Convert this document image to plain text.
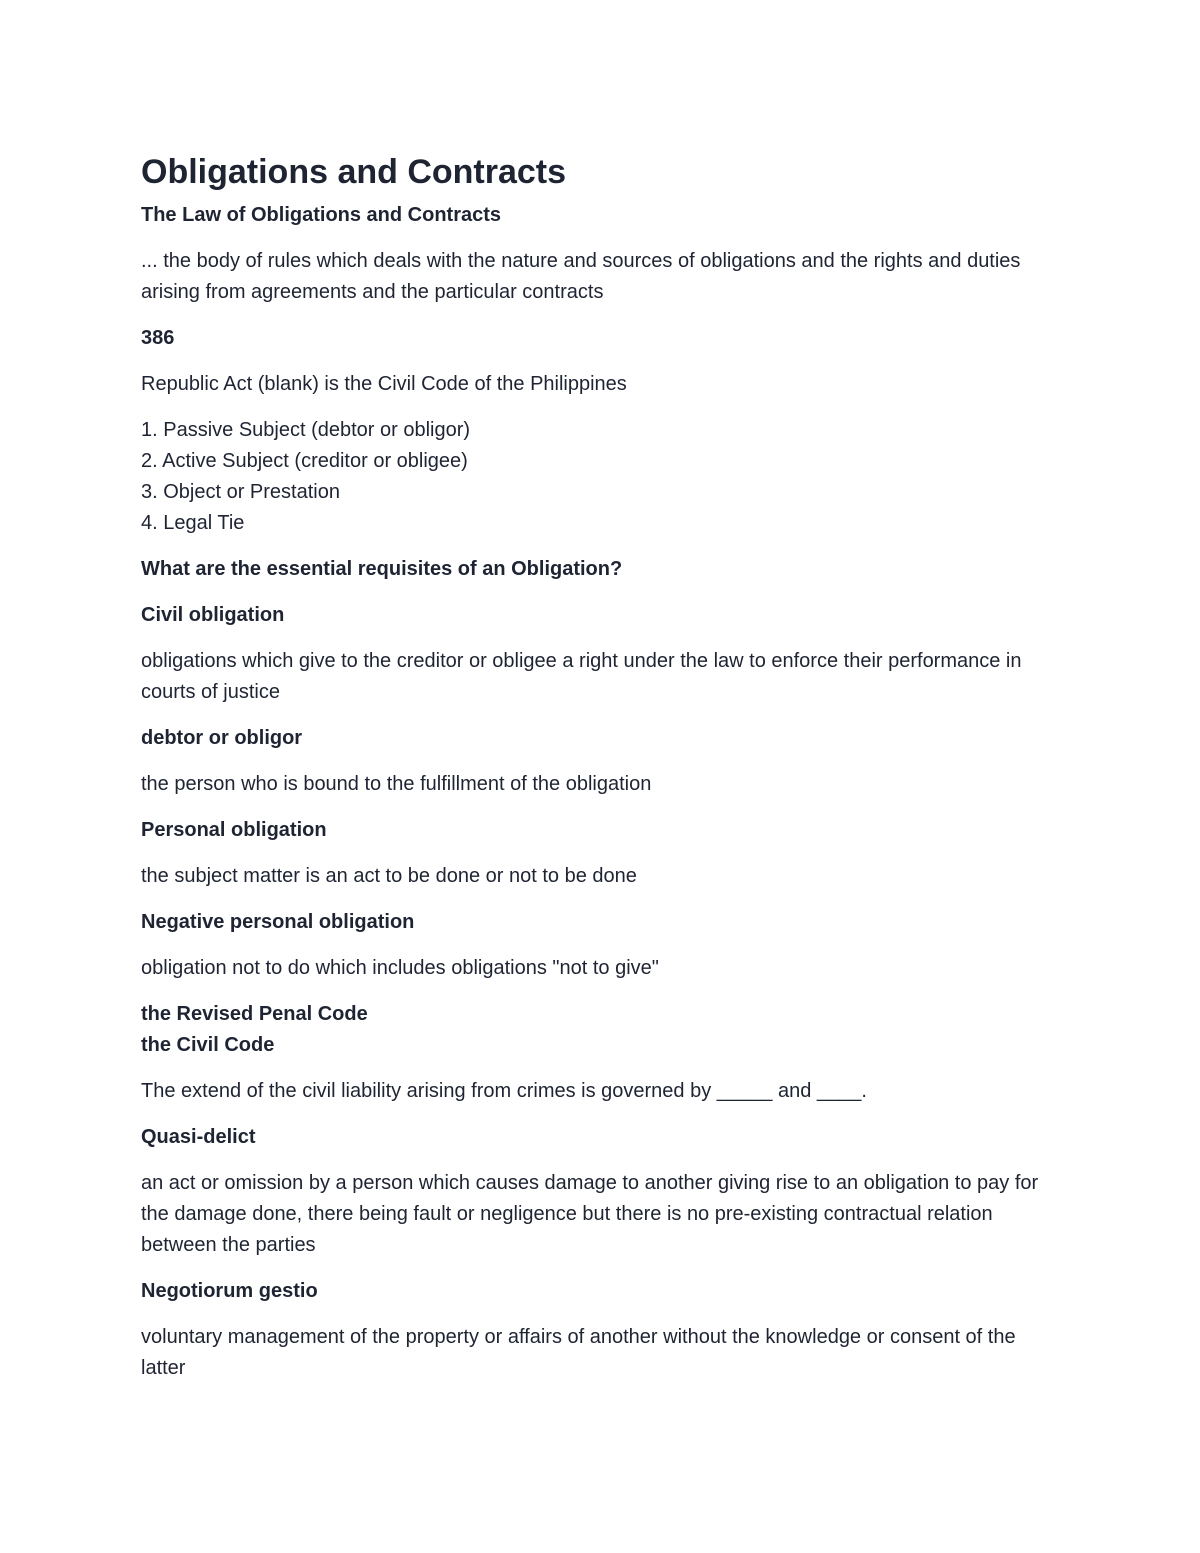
Obligations and Contracts
The Law of Obligations and Contracts
... the body of rules which deals with the nature and sources of obligations and the rights and duties arising from agreements and the particular contracts
386
Republic Act (blank) is the Civil Code of the Philippines
1. Passive Subject (debtor or obligor)
2. Active Subject (creditor or obligee)
3. Object or Prestation
4. Legal Tie
What are the essential requisites of an Obligation?
Civil obligation
obligations which give to the creditor or obligee a right under the law to enforce their performance in courts of justice
debtor or obligor
the person who is bound to the fulfillment of the obligation
Personal obligation
the subject matter is an act to be done or not to be done
Negative personal obligation
obligation not to do which includes obligations "not to give"
the Revised Penal Code
the Civil Code
The extend of the civil liability arising from crimes is governed by _____ and ____.
Quasi-delict
an act or omission by a person which causes damage to another giving rise to an obligation to pay for the damage done, there being fault or negligence but there is no pre-existing contractual relation between the parties
Negotiorum gestio
voluntary management of the property or affairs of another without the knowledge or consent of the latter
